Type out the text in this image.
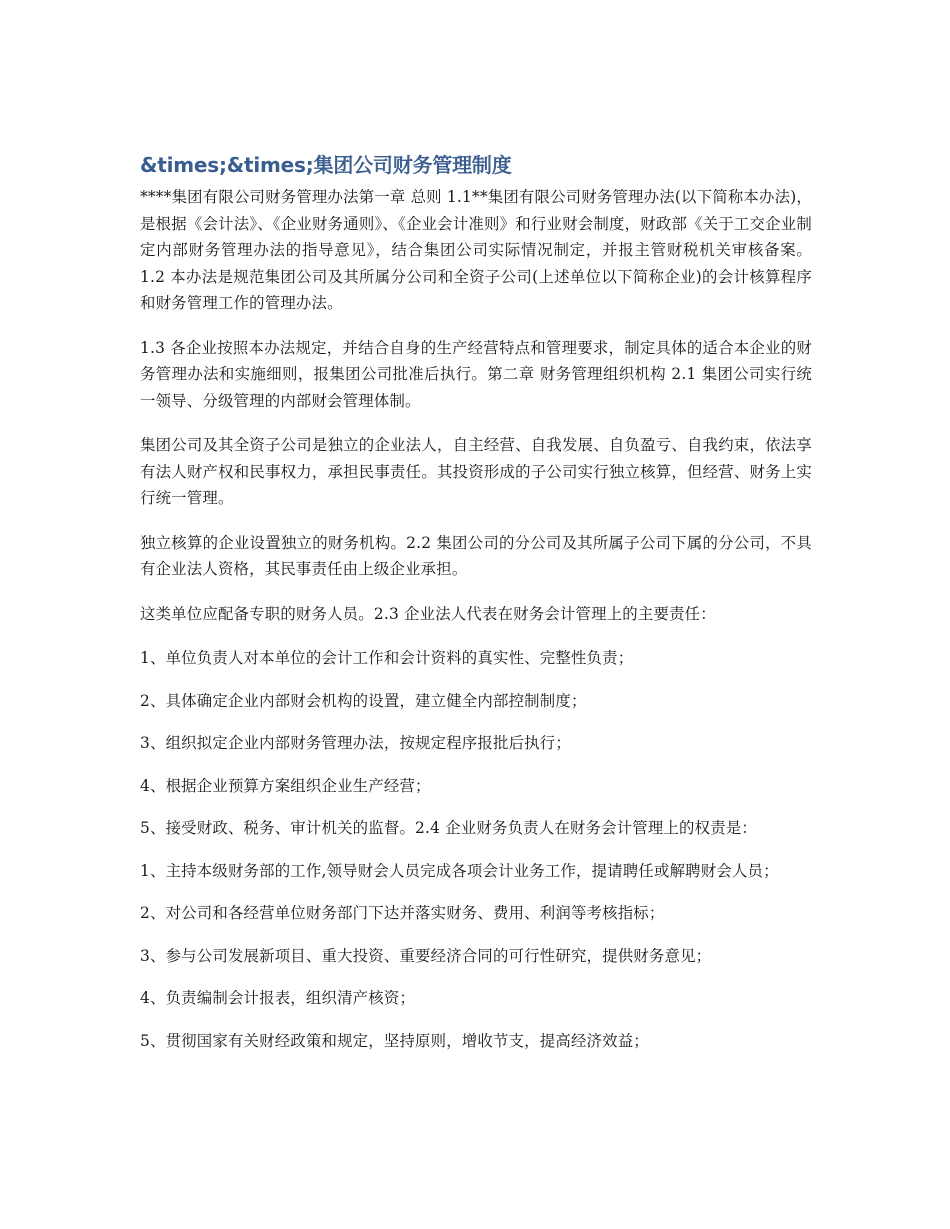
&times;&times;集团公司财务管理制度

****集团有限公司财务管理办法第一章 总则 1.1**集团有限公司财务管理办法(以下简称本办法)，是根据《会计法》、《企业财务通则》、《企业会计准则》和行业财会制度，财政部《关于工交企业制定内部财务管理办法的指导意见》，结合集团公司实际情况制定，并报主管财税机关审核备案。 1.2 本办法是规范集团公司及其所属分公司和全资子公司(上述单位以下简称企业)的会计核算程序和财务管理工作的管理办法。

1.3 各企业按照本办法规定，并结合自身的生产经营特点和管理要求，制定具体的适合本企业的财务管理办法和实施细则，报集团公司批准后执行。第二章 财务管理组织机构 2.1 集团公司实行统一领导、分级管理的内部财会管理体制。

集团公司及其全资子公司是独立的企业法人，自主经营、自我发展、自负盈亏、自我约束，依法享有法人财产权和民事权力，承担民事责任。其投资形成的子公司实行独立核算，但经营、财务上实行统一管理。

独立核算的企业设置独立的财务机构。2.2 集团公司的分公司及其所属子公司下属的分公司，不具有企业法人资格，其民事责任由上级企业承担。

这类单位应配备专职的财务人员。2.3 企业法人代表在财务会计管理上的主要责任：

1、单位负责人对本单位的会计工作和会计资料的真实性、完整性负责；

2、具体确定企业内部财会机构的设置，建立健全内部控制制度；

3、组织拟定企业内部财务管理办法，按规定程序报批后执行；

4、根据企业预算方案组织企业生产经营；

5、接受财政、税务、审计机关的监督。2.4 企业财务负责人在财务会计管理上的权责是：

1、主持本级财务部的工作,领导财会人员完成各项会计业务工作，提请聘任或解聘财会人员；

2、对公司和各经营单位财务部门下达并落实财务、费用、利润等考核指标；

3、参与公司发展新项目、重大投资、重要经济合同的可行性研究，提供财务意见；

4、负责编制会计报表，组织清产核资；

5、贯彻国家有关财经政策和规定，坚持原则，增收节支，提高经济效益；
